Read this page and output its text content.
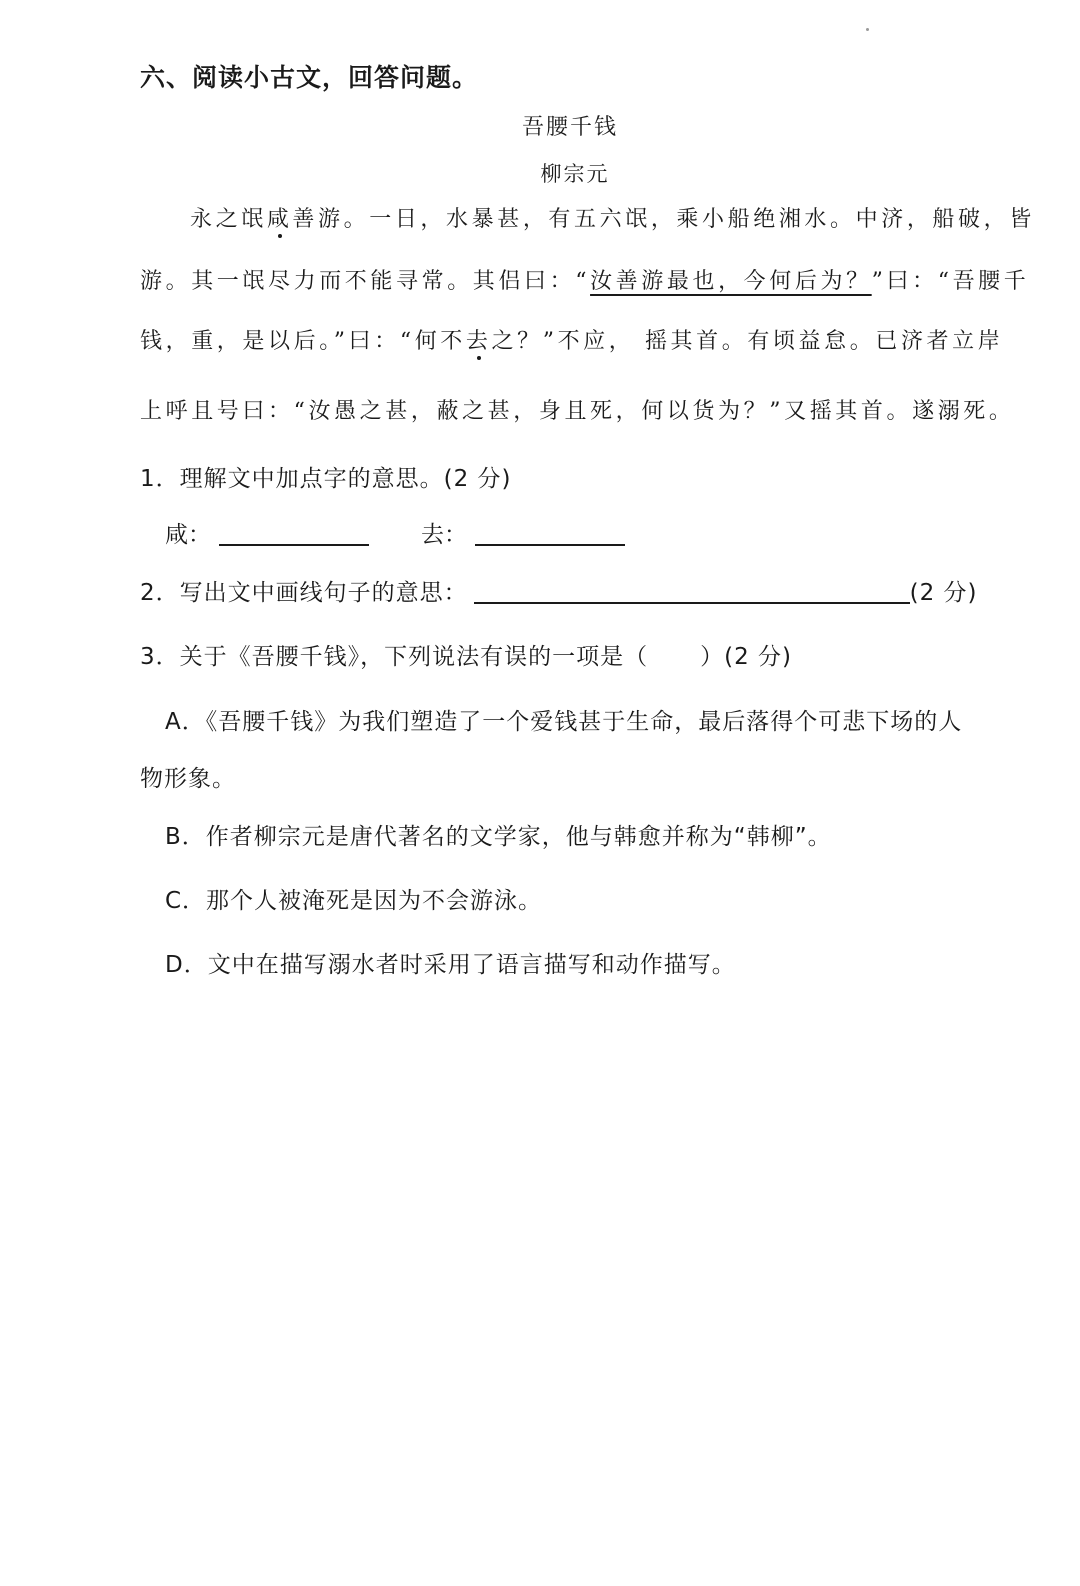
六、阅读小古文，回答问题。
吾腰千钱
柳宗元
永之氓咸善游。一日，水暴甚，有五六氓，乘小船绝湘水。中济，船破，皆
游。其一氓尽力而不能寻常。其侣曰：“汝善游最也，今何后为？”曰：“吾腰千
钱，重，是以后。”曰：“何不去之？”不应， 摇其首。有顷益怠。已济者立岸
上呼且号曰：“汝愚之甚，蔽之甚，身且死，何以货为？”又摇其首。遂溺死。
1．理解文中加点字的意思。(2 分)
咸：	去：
2．写出文中画线句子的意思：	(2 分)
3．关于《吾腰千钱》，下列说法有误的一项是（ ）(2 分)
A．《吾腰千钱》为我们塑造了一个爱钱甚于生命，最后落得个可悲下场的人
物形象。
B．作者柳宗元是唐代著名的文学家，他与韩愈并称为“韩柳”。
C．那个人被淹死是因为不会游泳。
D．文中在描写溺水者时采用了语言描写和动作描写。
